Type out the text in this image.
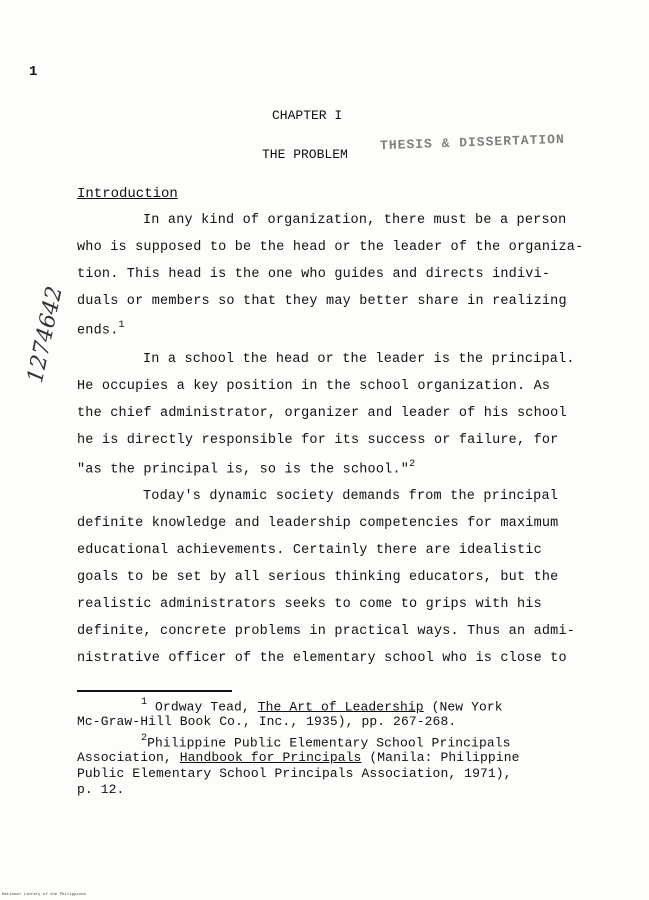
1
CHAPTER I
THE PROBLEM
THESIS & DISSERTATION
Introduction
In any kind of organization, there must be a person
who is supposed to be the head or the leader of the organiza-
tion. This head is the one who guides and directs indivi-
duals or members so that they may better share in realizing
ends.$^1$
In a school the head or the leader is the principal.
He occupies a key position in the school organization. As
the chief administrator, organizer and leader of his school
he is directly responsible for its success or failure, for
"as the principal is, so is the school."$^2$
Today's dynamic society demands from the principal
definite knowledge and leadership competencies for maximum
educational achievements. Certainly there are idealistic
goals to be set by all serious thinking educators, but the
realistic administrators seeks to come to grips with his
definite, concrete problems in practical ways. Thus an admi-
nistrative officer of the elementary school who is close to
$^1$ Ordway Tead, The Art of Leadership (New York
Mc-Graw-Hill Book Co., Inc., 1935), pp. 267-268.
$^2$Philippine Public Elementary School Principals
Association, Handbook for Principals (Manila: Philippine
Public Elementary School Principals Association, 1971),
p. 12.
1274642
National Library of the Philippines
